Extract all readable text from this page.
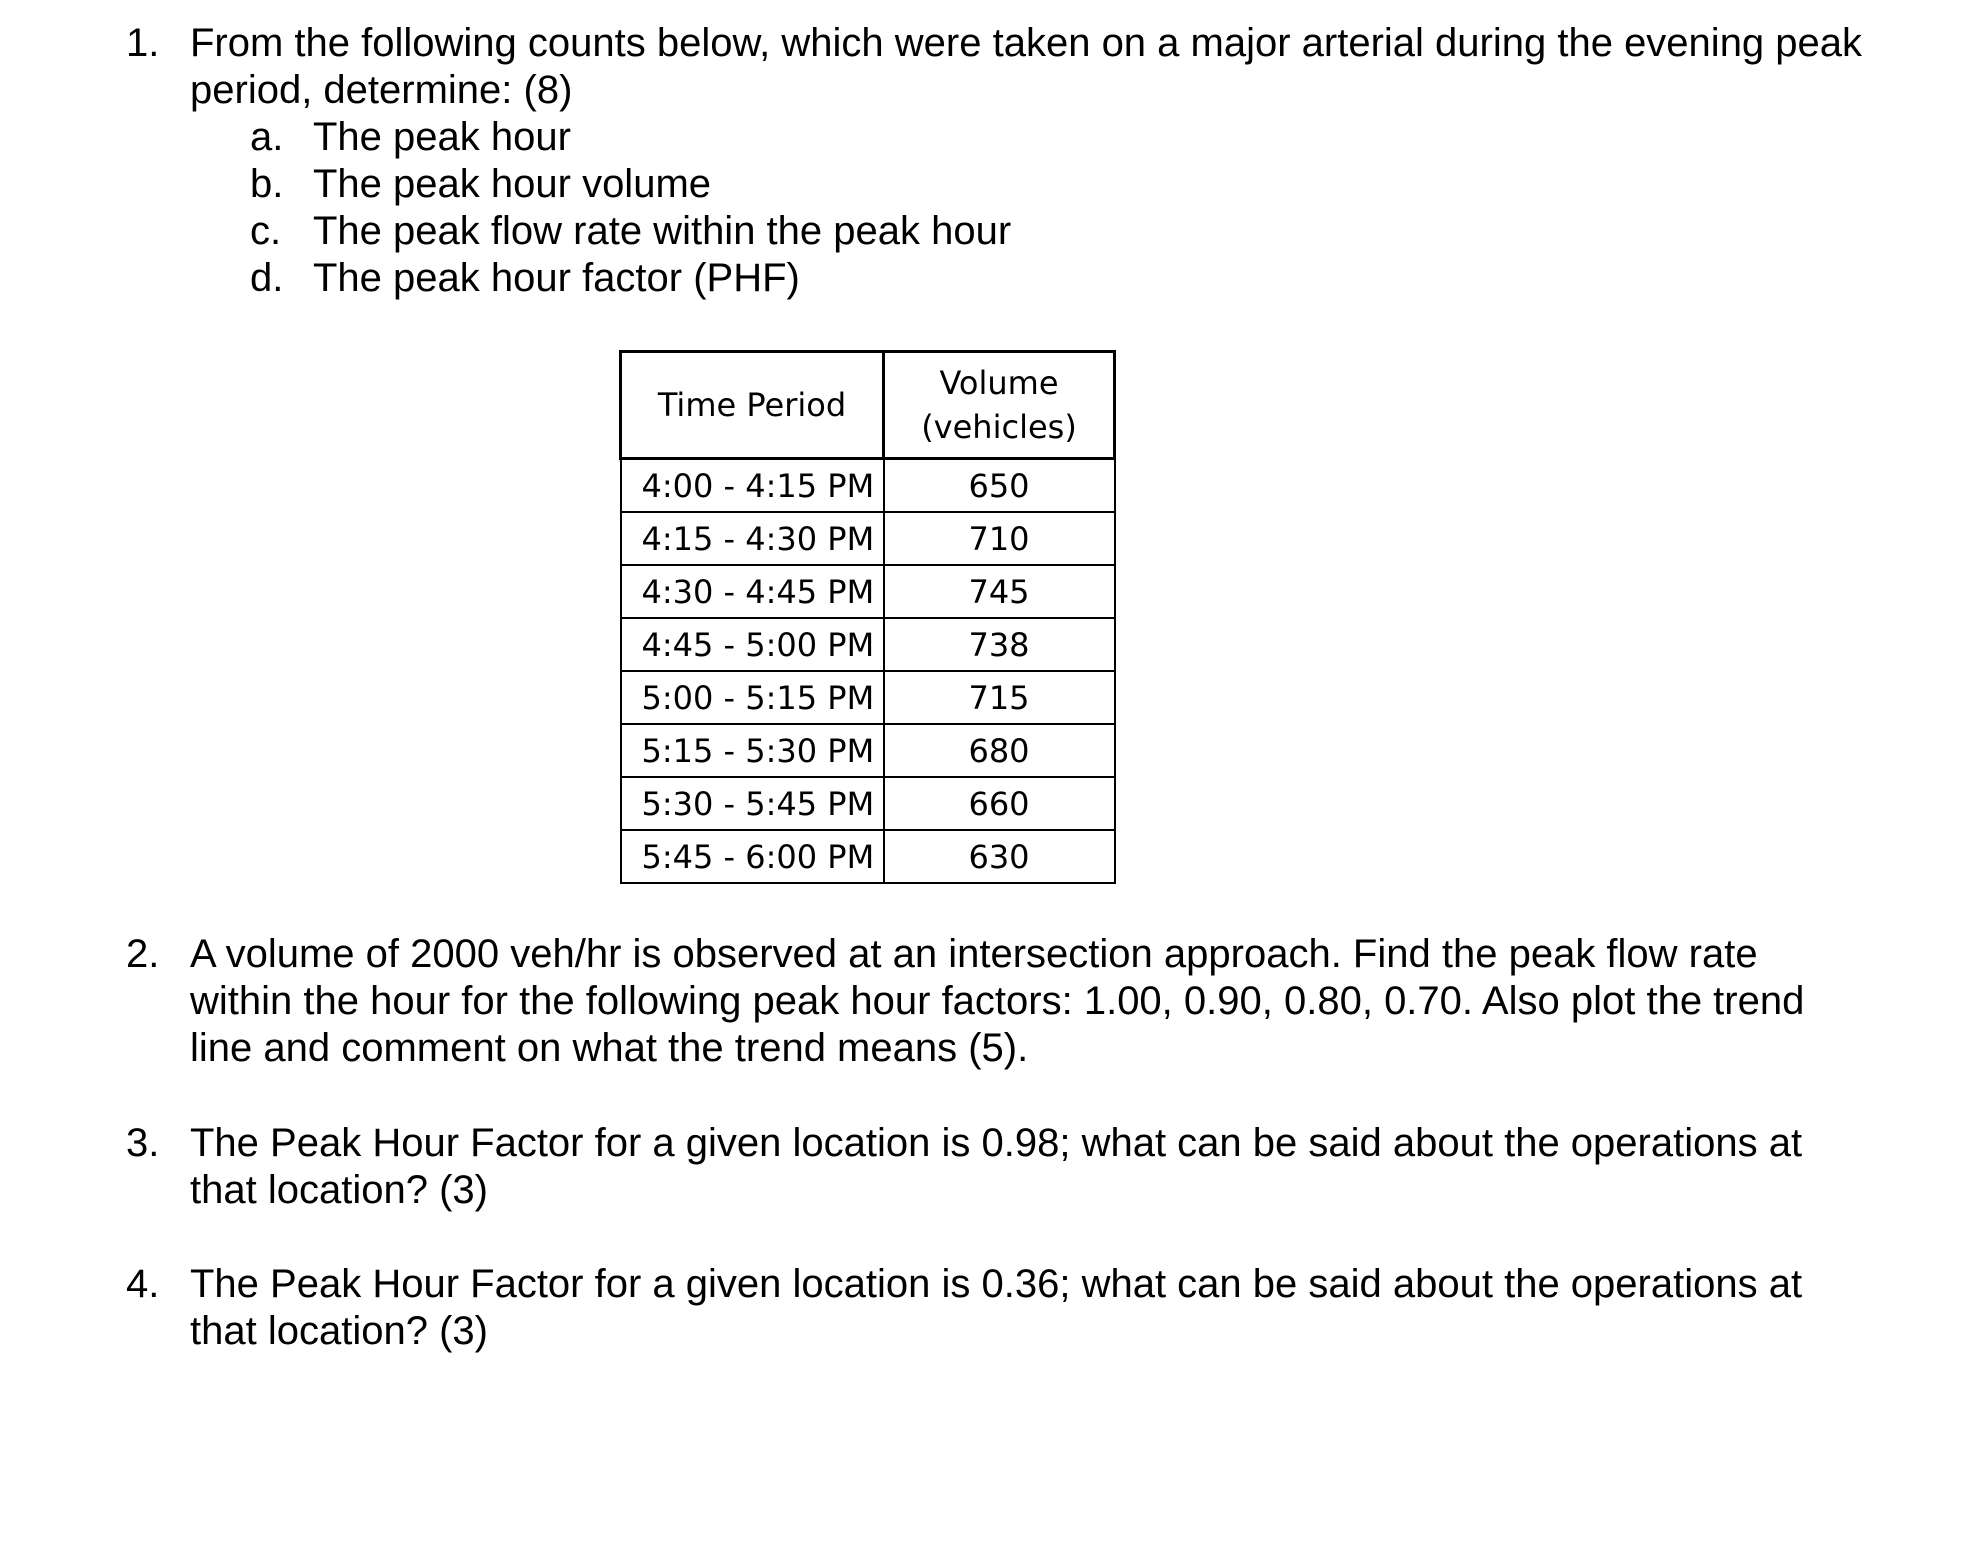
1. From the following counts below, which were taken on a major arterial during the evening peak
period, determine: (8)
a. The peak hour
b. The peak hour volume
c. The peak flow rate within the peak hour
d. The peak hour factor (PHF)
Time Period	Volume
(vehicles)

4:00 - 4:15 PM	650
4:15 - 4:30 PM	710
4:30 - 4:45 PM	745
4:45 - 5:00 PM	738
5:00 - 5:15 PM	715
5:15 - 5:30 PM	680
5:30 - 5:45 PM	660
5:45 - 6:00 PM	630
2. A volume of 2000 veh/hr is observed at an intersection approach. Find the peak flow rate
within the hour for the following peak hour factors: 1.00, 0.90, 0.80, 0.70. Also plot the trend
line and comment on what the trend means (5).
3. The Peak Hour Factor for a given location is 0.98; what can be said about the operations at
that location? (3)
4. The Peak Hour Factor for a given location is 0.36; what can be said about the operations at
that location? (3)
